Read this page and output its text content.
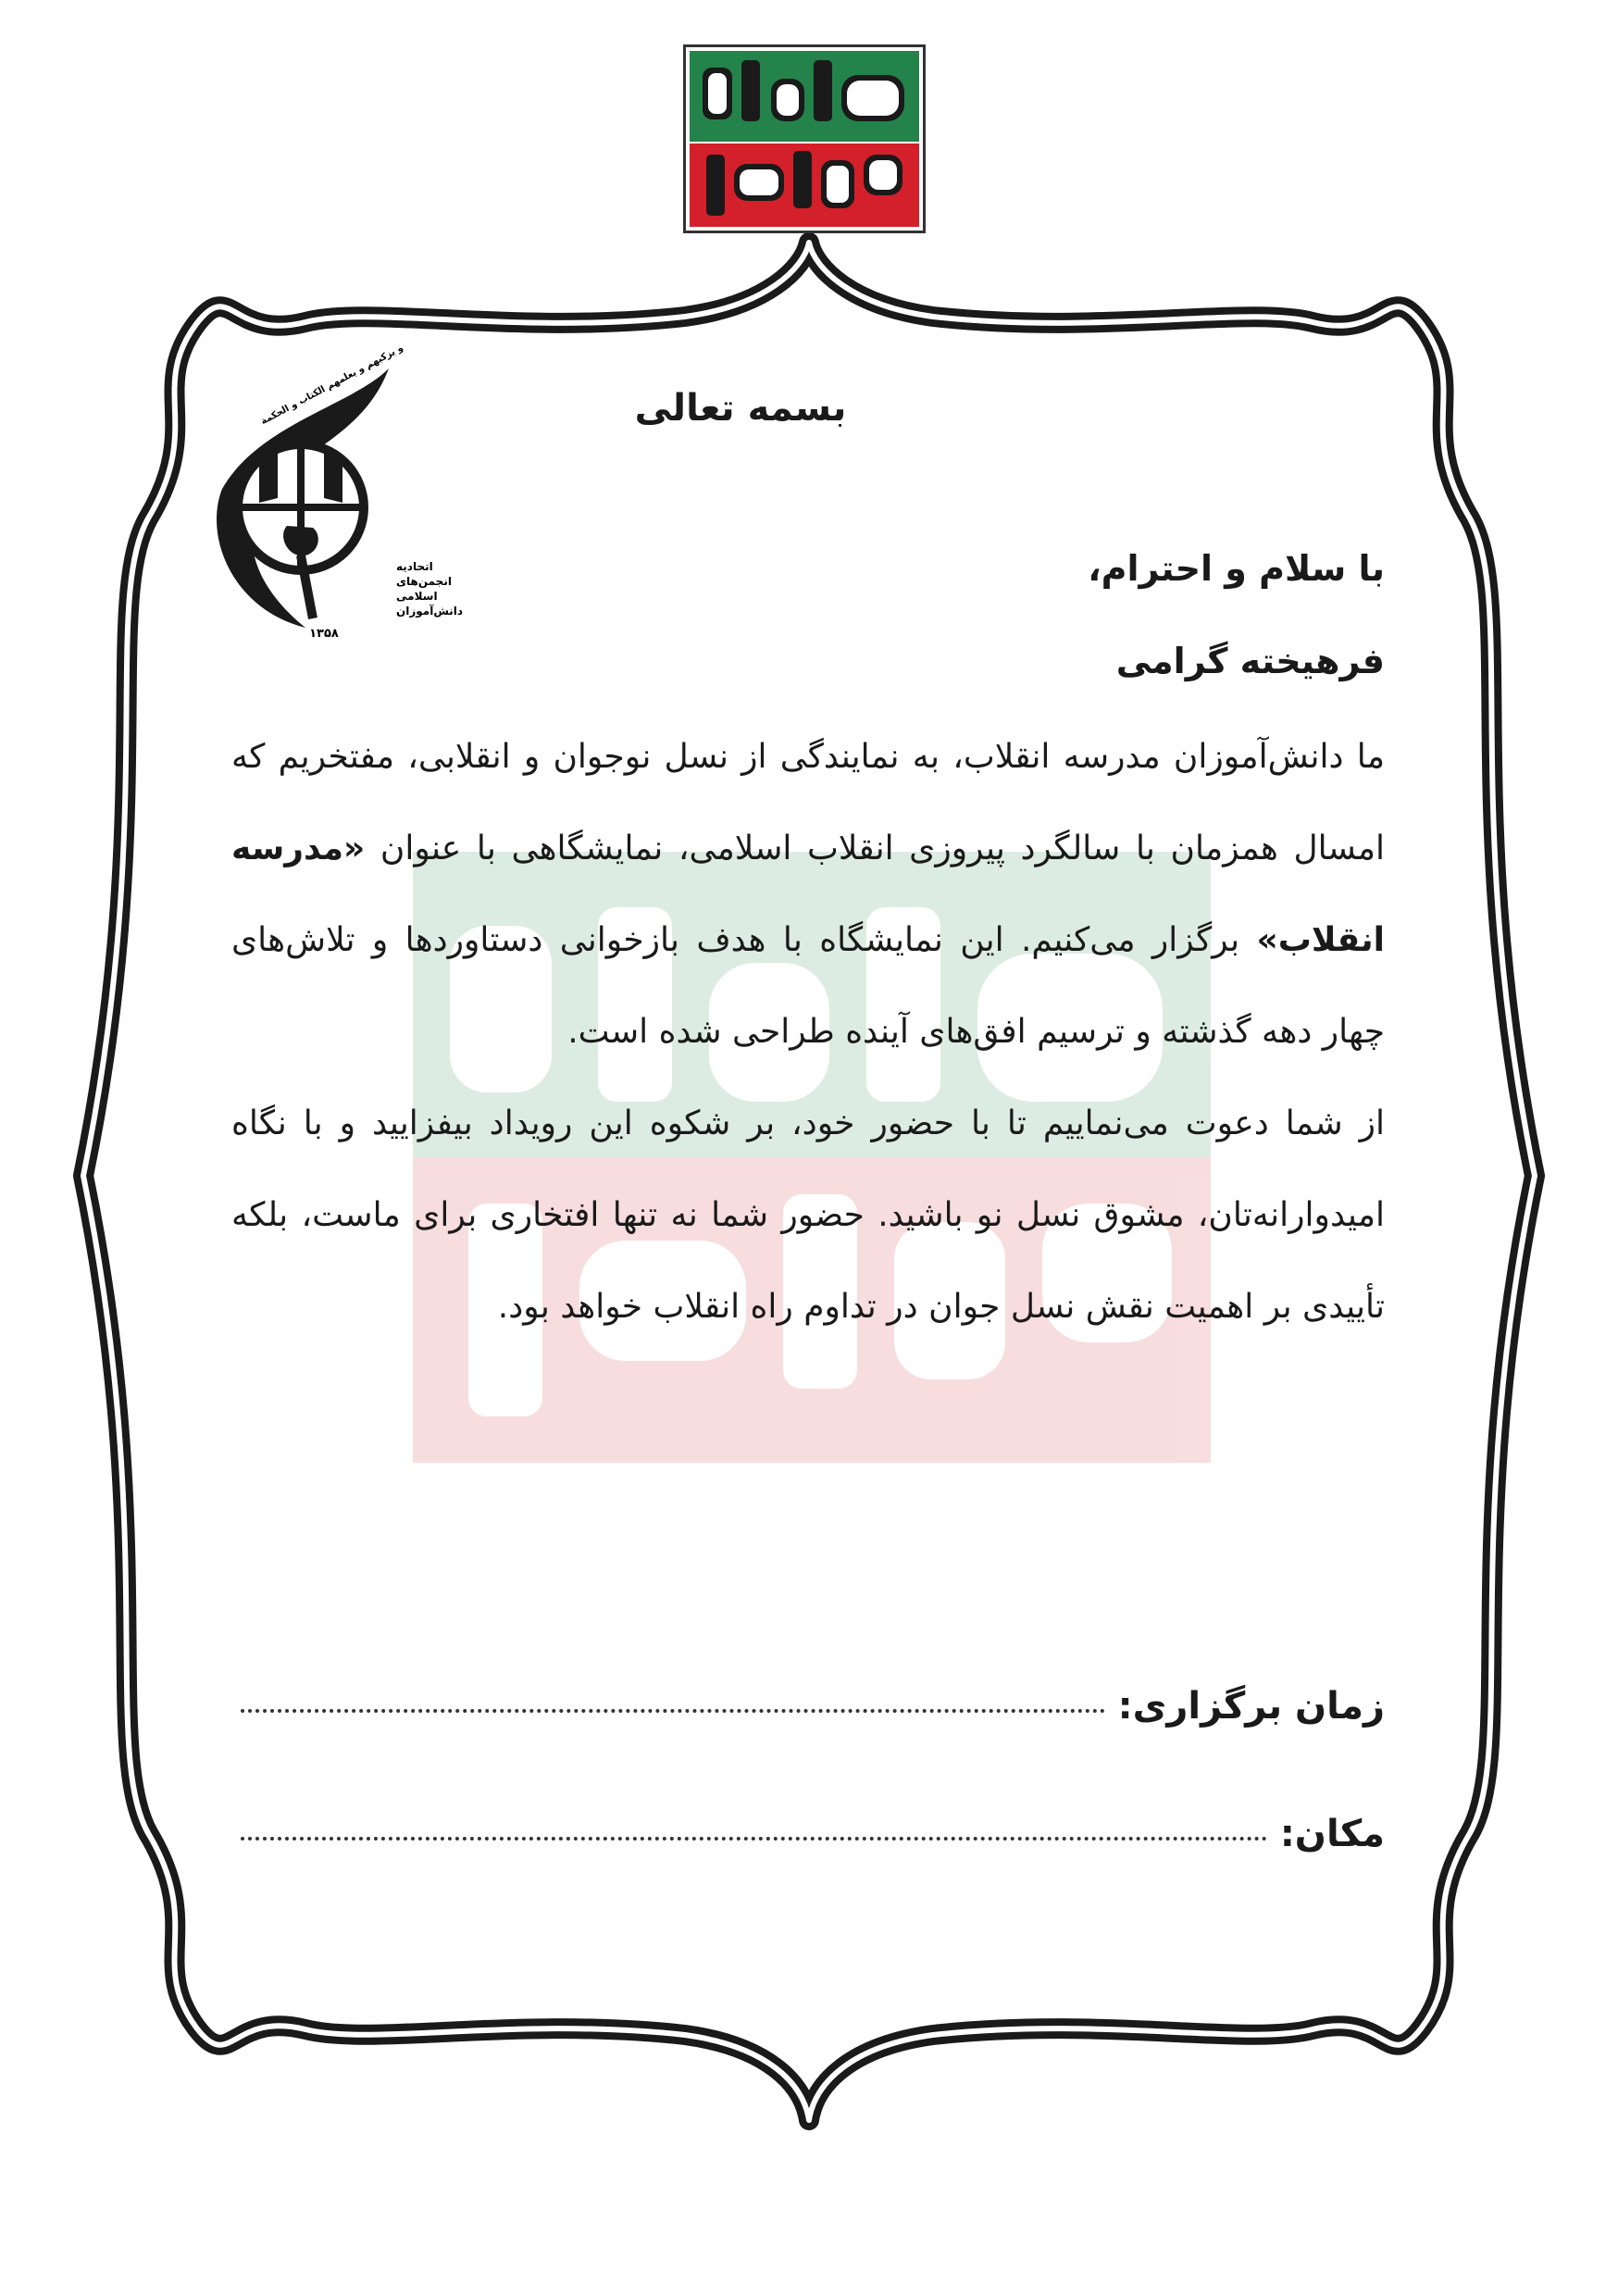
و یزکیهم و یعلمهم الکتاب و الحکمة
اتحادیه
انجمن‌های
اسلامی
دانش‌آموزان
۱۳۵۸
بسمه تعالی

با سلام و احترام،

فرهیخته گرامی

ما دانش‌آموزان مدرسه انقلاب، به نمایندگی از نسل نوجوان و انقلابی، مفتخریم که امسال همزمان با سالگرد پیروزی انقلاب اسلامی، نمایشگاهی با عنوان «مدرسه انقلاب» برگزار می‌کنیم. این نمایشگاه با هدف بازخوانی دستاوردها و تلاش‌های چهار دهه گذشته و ترسیم افق‌های آینده طراحی شده است.

از شما دعوت می‌نماییم تا با حضور خود، بر شکوه این رویداد بیفزایید و با نگاه امیدوارانه‌تان، مشوق نسل نو باشید. حضور شما نه تنها افتخاری برای ماست، بلکه تأییدی بر اهمیت نقش نسل جوان در تداوم راه انقلاب خواهد بود.

زمان برگزاری:
مکان:
